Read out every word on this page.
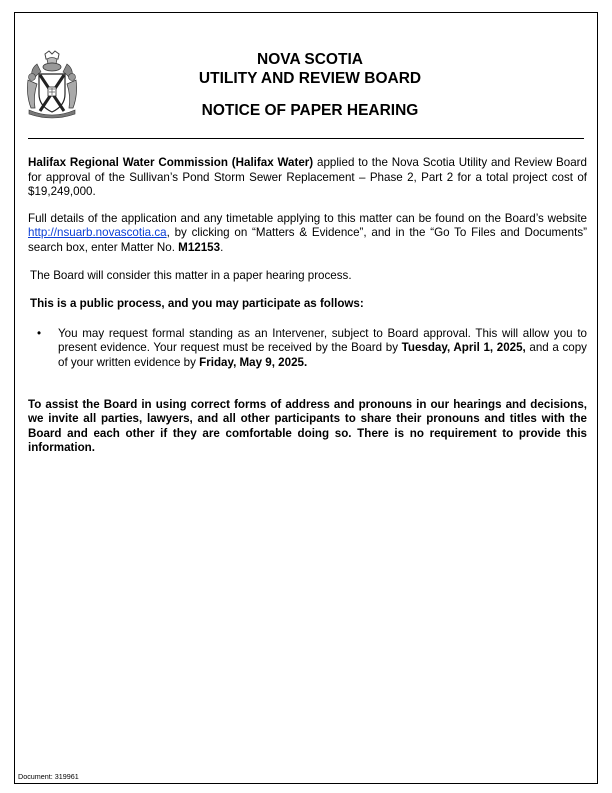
NOVA SCOTIA
UTILITY AND REVIEW BOARD
NOTICE OF PAPER HEARING

Halifax Regional Water Commission (Halifax Water) applied to the Nova Scotia Utility and Review Board for approval of the Sullivan’s Pond Storm Sewer Replacement – Phase 2, Part 2 for a total project cost of $19,249,000.

Full details of the application and any timetable applying to this matter can be found on the Board’s website http://nsuarb.novascotia.ca, by clicking on “Matters & Evidence”, and in the “Go To Files and Documents” search box, enter Matter No. M12153.

The Board will consider this matter in a paper hearing process.

This is a public process, and you may participate as follows:

• You may request formal standing as an Intervener, subject to Board approval. This will allow you to present evidence. Your request must be received by the Board by Tuesday, April 1, 2025, and a copy of your written evidence by Friday, May 9, 2025.

To assist the Board in using correct forms of address and pronouns in our hearings and decisions, we invite all parties, lawyers, and all other participants to share their pronouns and titles with the Board and each other if they are comfortable doing so. There is no requirement to provide this information.

Document: 319961
